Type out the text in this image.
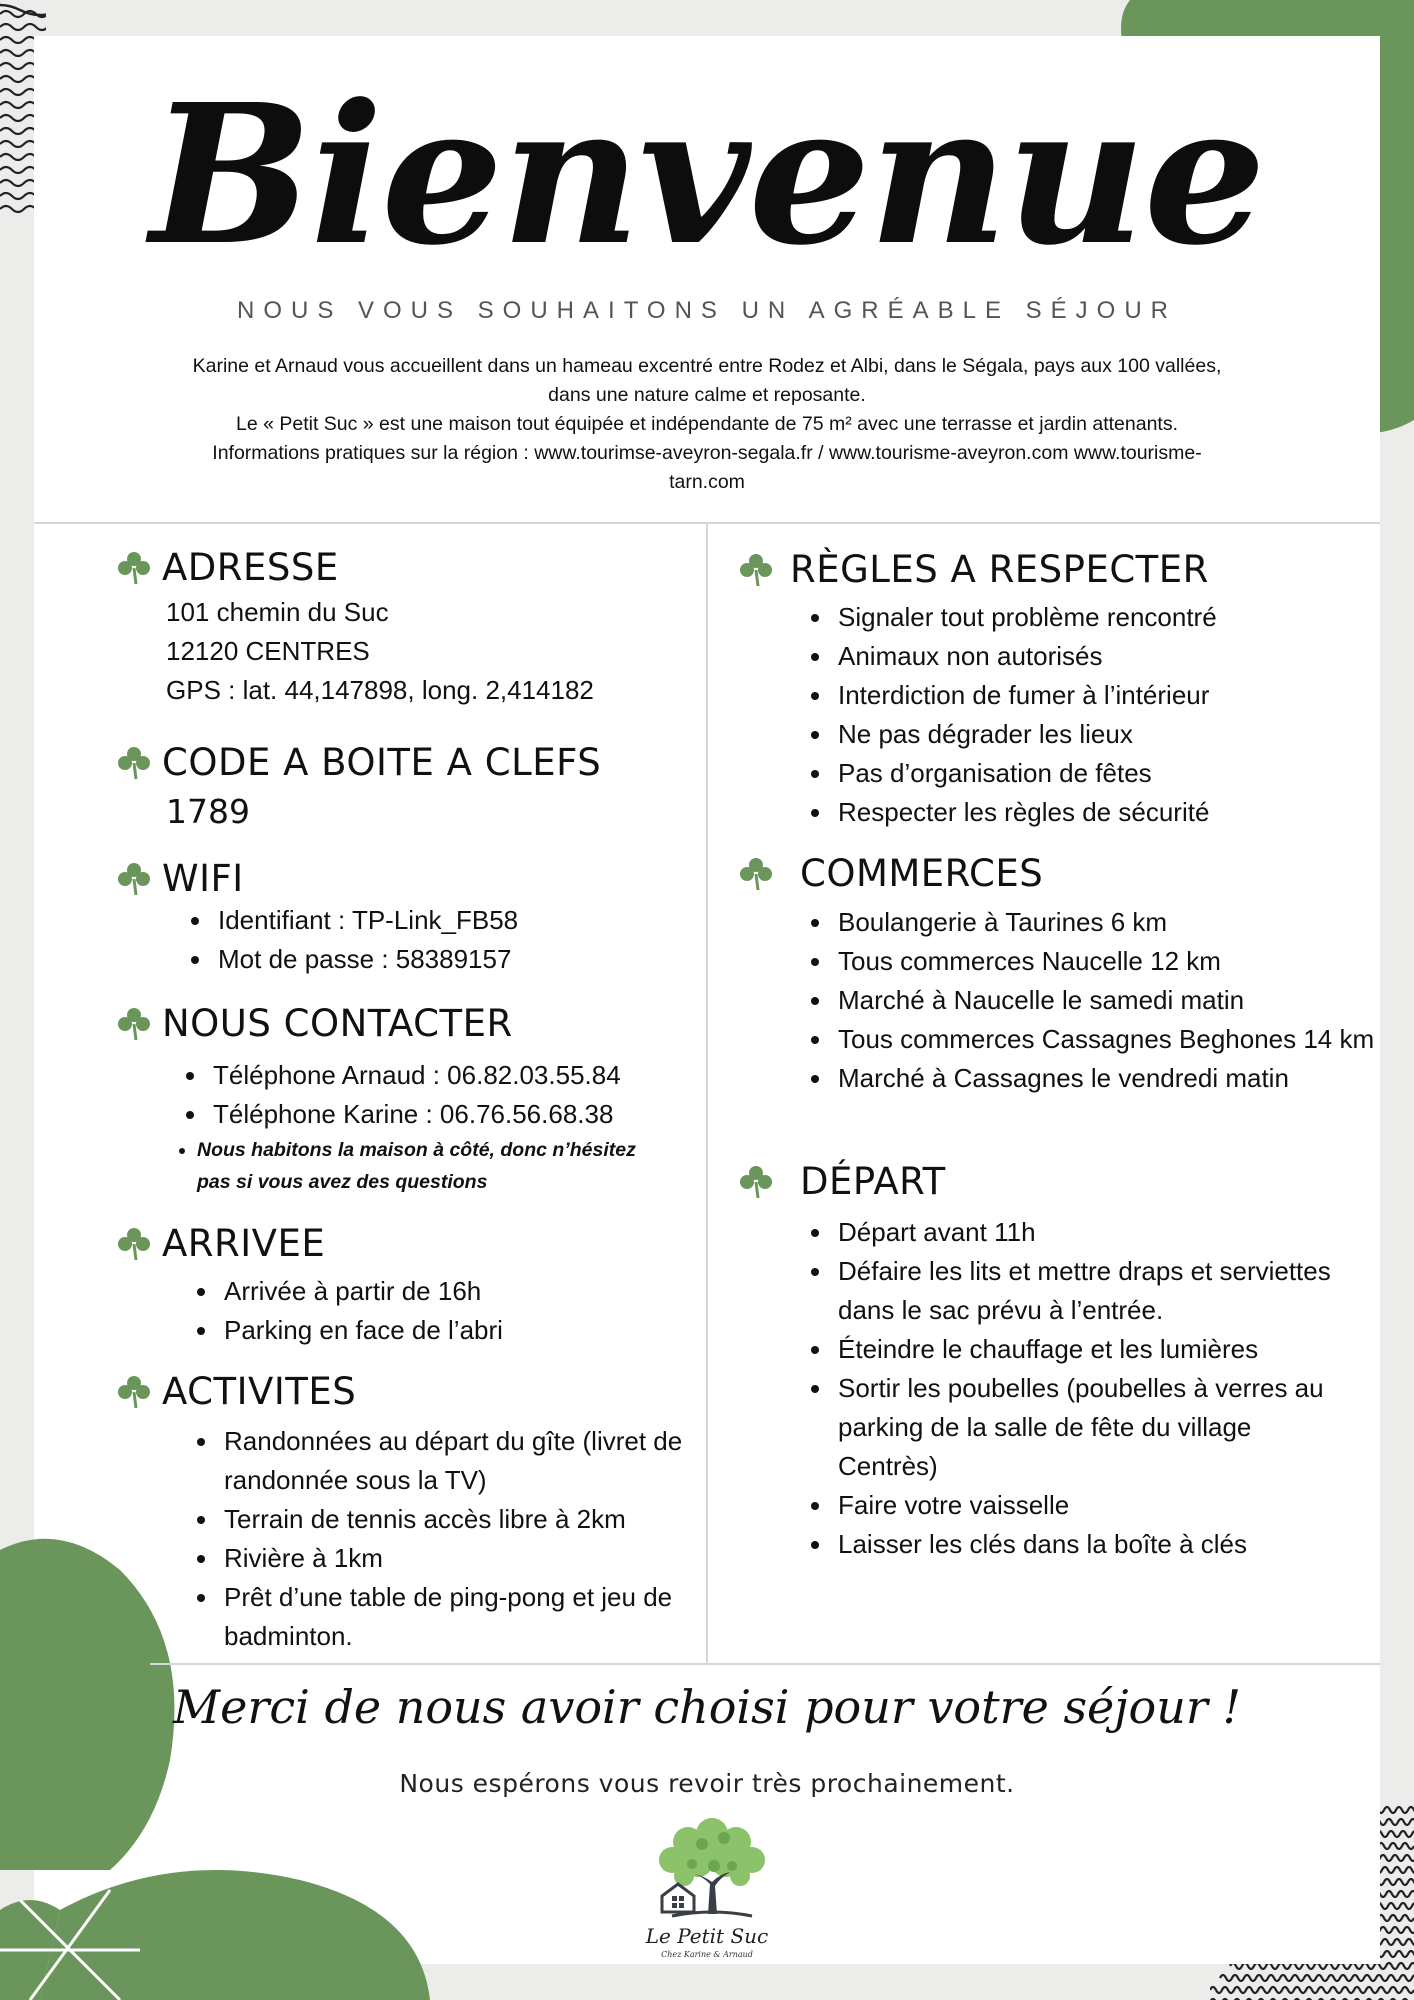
Bienvenue
NOUS VOUS SOUHAITONS UN AGRÉABLE SÉJOUR

Karine et Arnaud vous accueillent dans un hameau excentré entre Rodez et Albi, dans le Ségala, pays aux 100 vallées, dans une nature calme et reposante.

Le « Petit Suc » est une maison tout équipée et indépendante de 75 m² avec une terrasse et jardin attenants.

Informations pratiques sur la région : www.tourimse-aveyron-segala.fr / www.tourisme-aveyron.com www.tourisme-tarn.com

ADRESSE
101 chemin du Suc
12120 CENTRES
GPS : lat. 44,147898, long. 2,414182
CODE A BOITE A CLEFS
1789
WIFI
• Identifiant : TP-Link_FB58
• Mot de passe : 58389157
NOUS CONTACTER
• Téléphone Arnaud : 06.82.03.55.84
• Téléphone Karine : 06.76.56.68.38
• Nous habitons la maison à côté, donc n’hésitez pas si vous avez des questions
ARRIVEE
• Arrivée à partir de 16h
• Parking en face de l’abri
ACTIVITES
• Randonnées au départ du gîte (livret de randonnée sous la TV)
• Terrain de tennis accès libre à 2km
• Rivière à 1km
• Prêt d’une table de ping-pong et jeu de badminton.
RÈGLES A RESPECTER
• Signaler tout problème rencontré
• Animaux non autorisés
• Interdiction de fumer à l’intérieur
• Ne pas dégrader les lieux
• Pas d’organisation de fêtes
• Respecter les règles de sécurité
COMMERCES
• Boulangerie à Taurines 6 km
• Tous commerces Naucelle 12 km
• Marché à Naucelle le samedi matin
• Tous commerces Cassagnes Beghones 14 km
• Marché à Cassagnes le vendredi matin
DÉPART
• Départ avant 11h
• Défaire les lits et mettre draps et serviettes dans le sac prévu à l’entrée.
• Éteindre le chauffage et les lumières
• Sortir les poubelles (poubelles à verres au parking de la salle de fête du village Centrès)
• Faire votre vaisselle
• Laisser les clés dans la boîte à clés
Merci de nous avoir choisi pour votre séjour !
Nous espérons vous revoir très prochainement.
Le Petit Suc
Chez Karine & Arnaud
